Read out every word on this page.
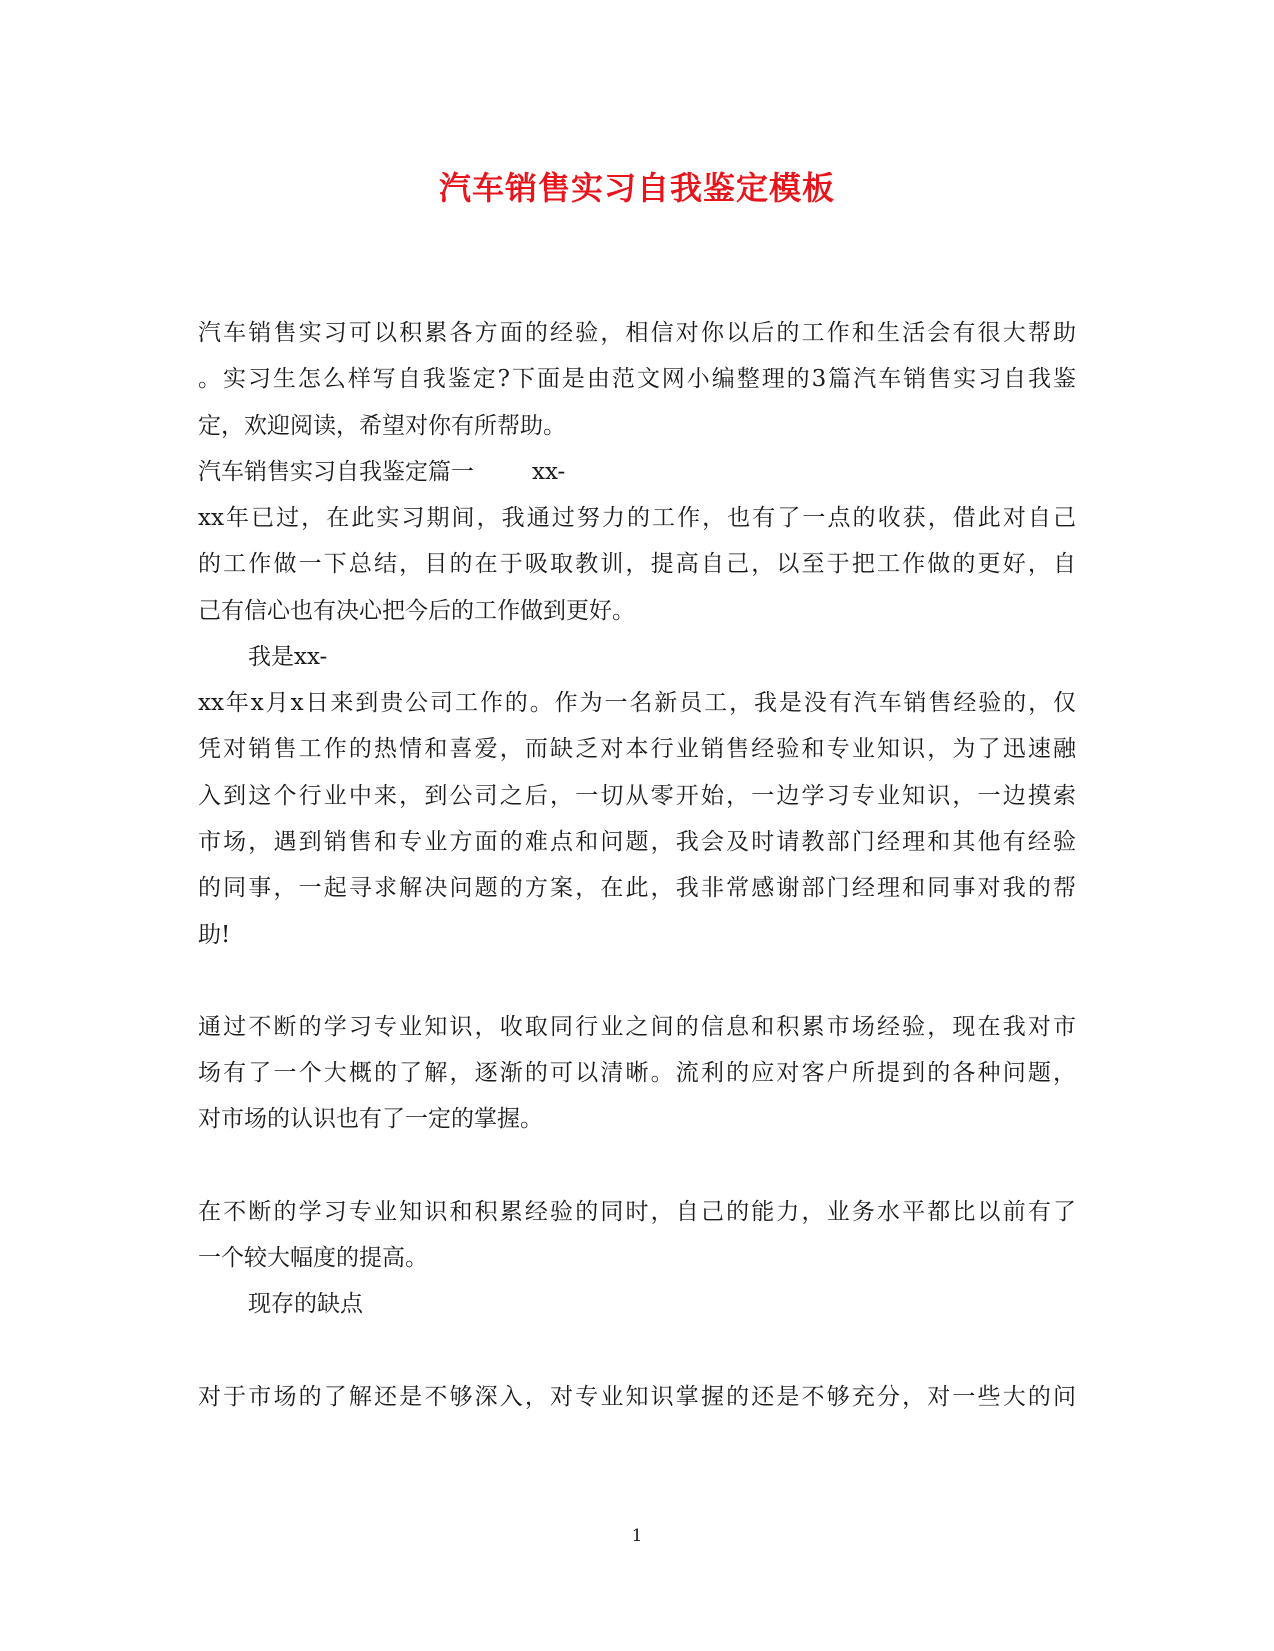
汽车销售实习自我鉴定模板
汽车销售实习可以积累各方面的经验，相信对你以后的工作和生活会有很大帮助
。实习生怎么样写自我鉴定?下面是由范文网小编整理的3篇汽车销售实习自我鉴
定，欢迎阅读，希望对你有所帮助。
汽车销售实习自我鉴定篇一	xx-
xx年已过，在此实习期间，我通过努力的工作，也有了一点的收获，借此对自己
的工作做一下总结，目的在于吸取教训，提高自己，以至于把工作做的更好，自
己有信心也有决心把今后的工作做到更好。
我是xx-
xx年x月x日来到贵公司工作的。作为一名新员工，我是没有汽车销售经验的，仅
凭对销售工作的热情和喜爱，而缺乏对本行业销售经验和专业知识，为了迅速融
入到这个行业中来，到公司之后，一切从零开始，一边学习专业知识，一边摸索
市场，遇到销售和专业方面的难点和问题，我会及时请教部门经理和其他有经验
的同事，一起寻求解决问题的方案，在此，我非常感谢部门经理和同事对我的帮
助!
通过不断的学习专业知识，收取同行业之间的信息和积累市场经验，现在我对市
场有了一个大概的了解，逐渐的可以清晰。流利的应对客户所提到的各种问题，
对市场的认识也有了一定的掌握。
在不断的学习专业知识和积累经验的同时，自己的能力，业务水平都比以前有了
一个较大幅度的提高。
现存的缺点
对于市场的了解还是不够深入，对专业知识掌握的还是不够充分，对一些大的问
1
